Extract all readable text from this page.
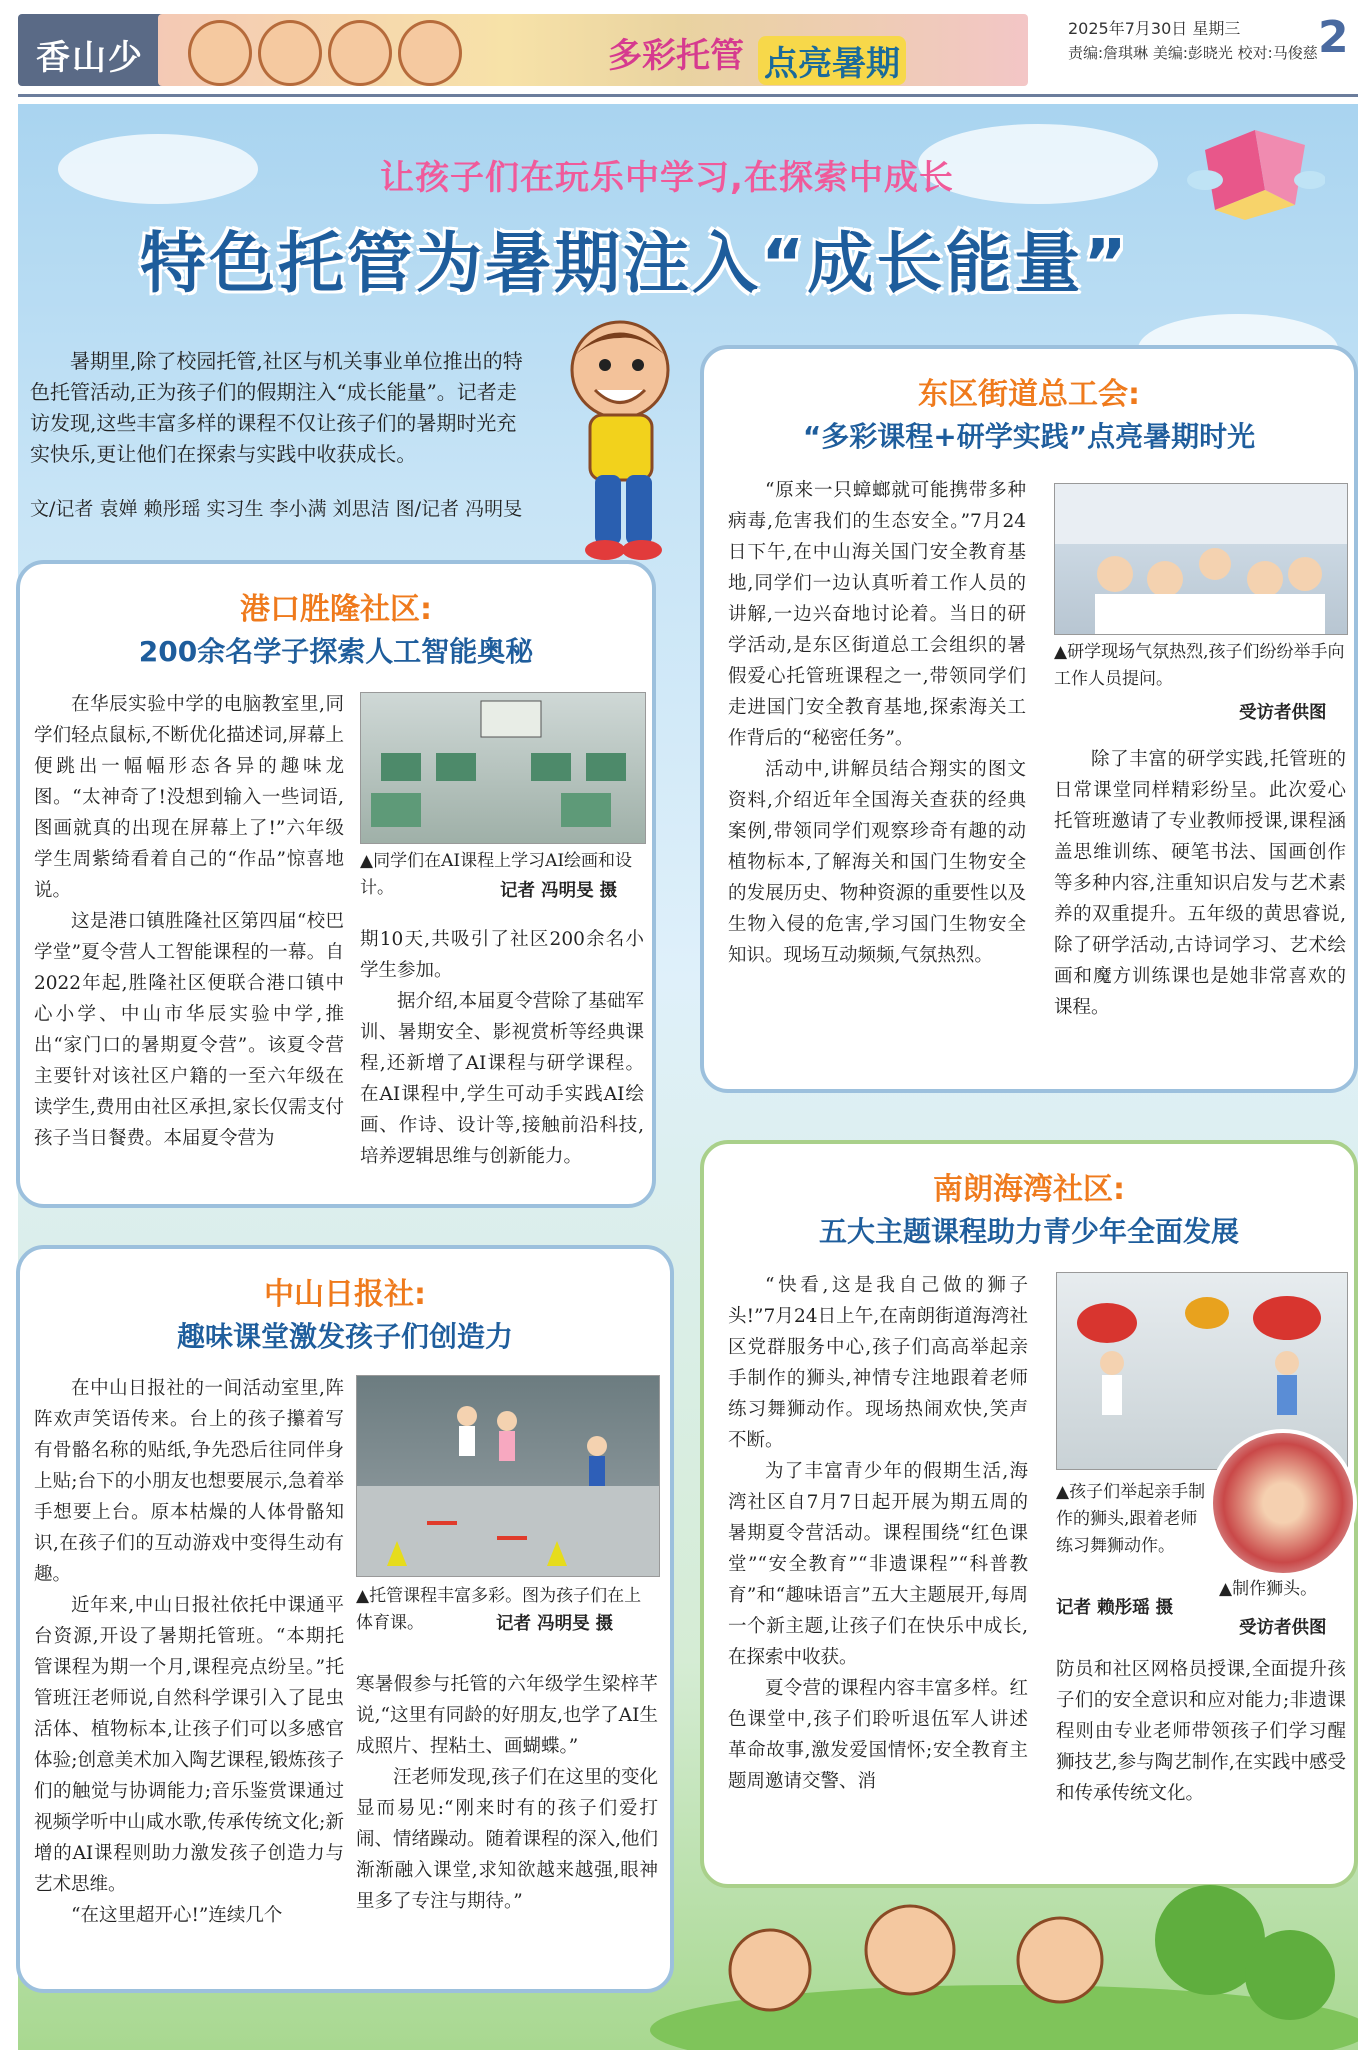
香山少	多彩托管 点亮暑期
2025年7月30日 星期三
责编:詹琪琳 美编:彭晓光 校对:马俊慈 2
让孩子们在玩乐中学习,在探索中成长
特色托管为暑期注入“成长能量”
暑期里,除了校园托管,社区与机关事业单位推出的特色托管活动,正为孩子们的假期注入“成长能量”。记者走访发现,这些丰富多样的课程不仅让孩子们的暑期时光充实快乐,更让他们在探索与实践中收获成长。
文/记者 袁婵 赖彤瑶 实习生 李小满 刘思洁 图/记者 冯明旻
港口胜隆社区:
200余名学子探索人工智能奥秘

在华辰实验中学的电脑教室里,同学们轻点鼠标,不断优化描述词,屏幕上便跳出一幅幅形态各异的趣味龙图。“太神奇了!没想到输入一些词语,图画就真的出现在屏幕上了!”六年级学生周紫绮看着自己的“作品”惊喜地说。

这是港口镇胜隆社区第四届“校巴学堂”夏令营人工智能课程的一幕。自2022年起,胜隆社区便联合港口镇中心小学、中山市华辰实验中学,推出“家门口的暑期夏令营”。该夏令营主要针对该社区户籍的一至六年级在读学生,费用由社区承担,家长仅需支付孩子当日餐费。本届夏令营为

▲同学们在AI课程上学习AI绘画和设计。	记者 冯明旻 摄

期10天,共吸引了社区200余名小学生参加。

据介绍,本届夏令营除了基础军训、暑期安全、影视赏析等经典课程,还新增了AI课程与研学课程。在AI课程中,学生可动手实践AI绘画、作诗、设计等,接触前沿科技,培养逻辑思维与创新能力。

东区街道总工会:
“多彩课程+研学实践”点亮暑期时光

“原来一只蟑螂就可能携带多种病毒,危害我们的生态安全。”7月24日下午,在中山海关国门安全教育基地,同学们一边认真听着工作人员的讲解,一边兴奋地讨论着。当日的研学活动,是东区街道总工会组织的暑假爱心托管班课程之一,带领同学们走进国门安全教育基地,探索海关工作背后的“秘密任务”。

活动中,讲解员结合翔实的图文资料,介绍近年全国海关查获的经典案例,带领同学们观察珍奇有趣的动植物标本,了解海关和国门生物安全的发展历史、物种资源的重要性以及生物入侵的危害,学习国门生物安全知识。现场互动频频,气氛热烈。

▲研学现场气氛热烈,孩子们纷纷举手向工作人员提问。
受访者供图

除了丰富的研学实践,托管班的日常课堂同样精彩纷呈。此次爱心托管班邀请了专业教师授课,课程涵盖思维训练、硬笔书法、国画创作等多种内容,注重知识启发与艺术素养的双重提升。五年级的黄思睿说,除了研学活动,古诗词学习、艺术绘画和魔方训练课也是她非常喜欢的课程。

中山日报社:
趣味课堂激发孩子们创造力

在中山日报社的一间活动室里,阵阵欢声笑语传来。台上的孩子攥着写有骨骼名称的贴纸,争先恐后往同伴身上贴;台下的小朋友也想要展示,急着举手想要上台。原本枯燥的人体骨骼知识,在孩子们的互动游戏中变得生动有趣。

近年来,中山日报社依托中课通平台资源,开设了暑期托管班。“本期托管课程为期一个月,课程亮点纷呈。”托管班汪老师说,自然科学课引入了昆虫活体、植物标本,让孩子们可以多感官体验;创意美术加入陶艺课程,锻炼孩子们的触觉与协调能力;音乐鉴赏课通过视频学听中山咸水歌,传承传统文化;新增的AI课程则助力激发孩子创造力与艺术思维。

“在这里超开心!”连续几个

▲托管课程丰富多彩。图为孩子们在上体育课。	记者 冯明旻 摄

寒暑假参与托管的六年级学生梁梓芊说,“这里有同龄的好朋友,也学了AI生成照片、捏粘土、画蝴蝶。”

汪老师发现,孩子们在这里的变化显而易见:“刚来时有的孩子们爱打闹、情绪躁动。随着课程的深入,他们渐渐融入课堂,求知欲越来越强,眼神里多了专注与期待。”

南朗海湾社区:
五大主题课程助力青少年全面发展

“快看,这是我自己做的狮子头!”7月24日上午,在南朗街道海湾社区党群服务中心,孩子们高高举起亲手制作的狮头,神情专注地跟着老师练习舞狮动作。现场热闹欢快,笑声不断。

为了丰富青少年的假期生活,海湾社区自7月7日起开展为期五周的暑期夏令营活动。课程围绕“红色课堂”“安全教育”“非遗课程”“科普教育”和“趣味语言”五大主题展开,每周一个新主题,让孩子们在快乐中成长,在探索中收获。

夏令营的课程内容丰富多样。红色课堂中,孩子们聆听退伍军人讲述革命故事,激发爱国情怀;安全教育主题周邀请交警、消

▲孩子们举起亲手制作的狮头,跟着老师练习舞狮动作。
记者 赖彤瑶 摄
▲制作狮头。
受访者供图

防员和社区网格员授课,全面提升孩子们的安全意识和应对能力;非遗课程则由专业老师带领孩子们学习醒狮技艺,参与陶艺制作,在实践中感受和传承传统文化。
